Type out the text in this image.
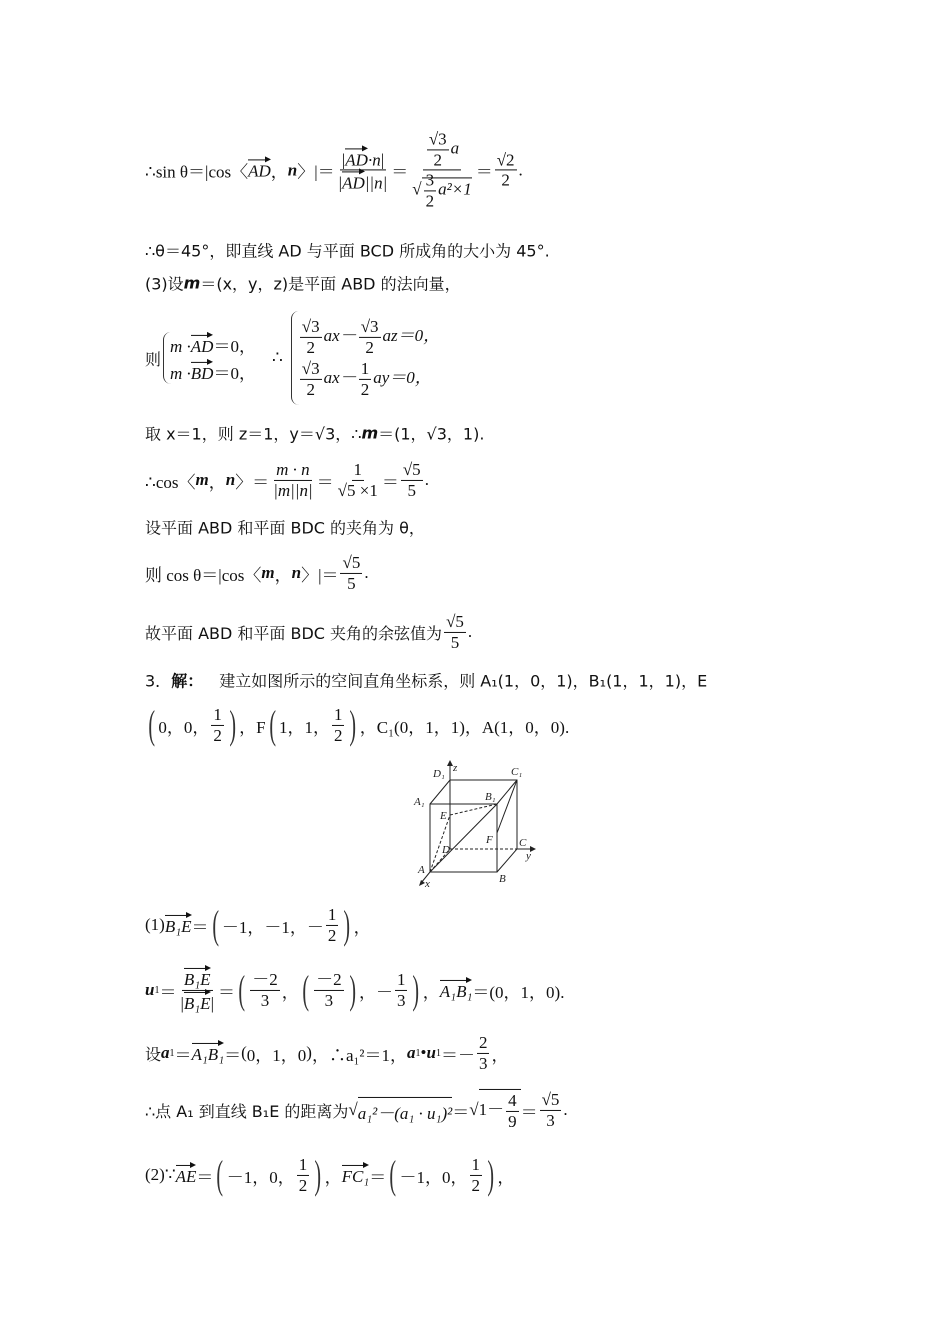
∴sin θ＝|cos〈 AD ， n 〉|＝
|AD·n|
|AD||n|
＝
$\frac{√3}{2}$ a
√ $\frac{3}{2} a^2\times 1$
＝
√2
2
.
∴θ＝45°，即直线 AD 与平面 BCD 所成角的大小为 45°.
(3)设 m ＝(x，y，z)是平面 ABD 的法向量，
则
m ·AD＝0，
m ·BD＝0，
∴
$\frac{√3}{2} ax- \frac{√3}{2} az=0$，
$\frac{√3}{2} ax- \frac{1}{2} ay=0$，
取 x＝1，则 z＝1，y＝√3，∴ m ＝(1，√3，1).
∴cos〈 m ， n 〉＝
m · n
|m||n| ＝
1
√5 ×1 ＝
√5
5
.
设平面 ABD 和平面 BDC 的夹角为 θ，
则 cos θ＝|cos〈 m ， n 〉|＝
√5
5
.
故平面 ABD 和平面 BDC 夹角的余弦值为
√5
5
.
3． 解： 　建立如图所示的空间直角坐标系，则 A₁(1，0，1)，B₁(1，1，1)，E
( 0，0，
1
2 ) ，F ( 1，1，
1
2 ) ，C₁(0，1，1)，A(1，0，0).
D₁ z	C₁
A₁	B₁
E
F
D
C
y
A
B
x
(1) B₁E ＝ ( －1，－1，－
1
2 ) ，
u 1 ＝
B₁E
|B₁E|
＝ ( －2
3 ， ( －2
3 ) ， －
1
3 ) ， A₁B₁ ＝(0，1，0).
设 a 1 ＝ A₁B₁ ＝ ( 0，1，0 ) ，∴a₁²＝1， a 1 • u 1 ＝－
2
3 ，
∴点 A₁ 到直线 B₁E 的距离为 √ a₁²－(a₁ · u₁)² ＝ √ $1- \frac{4}{9}$ ＝
√5
3
.
(2)∵ AE ＝ ( －1，0，
1
2 ) ， FC₁ ＝ ( －1，0，
1
2 ) ，
